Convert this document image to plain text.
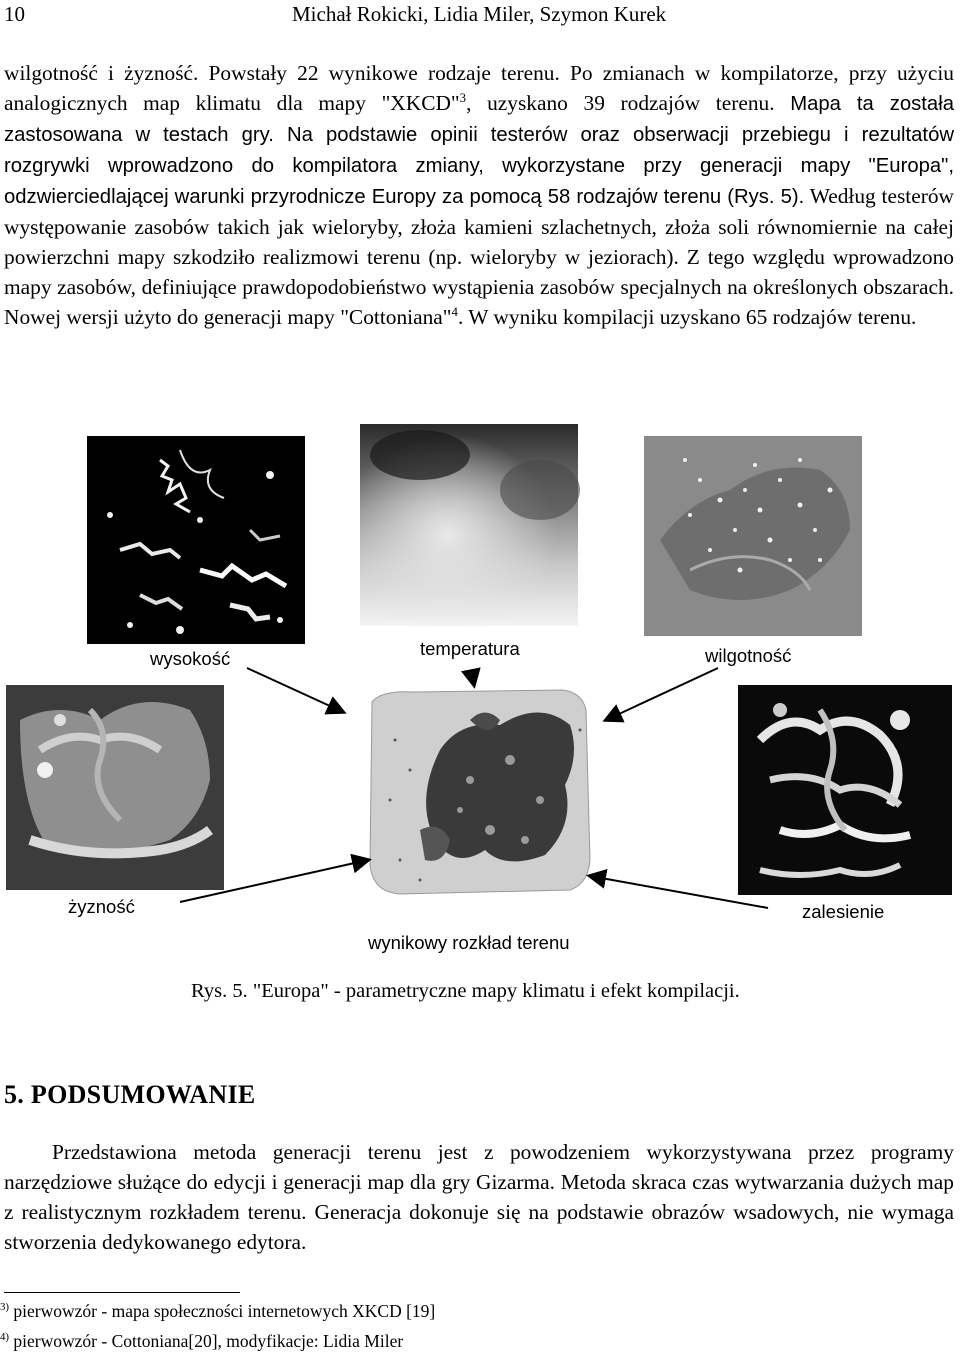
10	Michał Rokicki, Lidia Miler, Szymon Kurek

wilgotność i żyzność. Powstały 22 wynikowe rodzaje terenu. Po zmianach w kompilatorze, przy użyciu analogicznych map klimatu dla mapy "XKCD"$^3$, uzyskano 39 rodzajów terenu. Mapa ta została zastosowana w testach gry. Na podstawie opinii testerów oraz obserwacji przebiegu i rezultatów rozgrywki wprowadzono do kompilatora zmiany, wykorzystane przy generacji mapy "Europa", odzwierciedlającej warunki przyrodnicze Europy za pomocą 58 rodzajów terenu (Rys. 5). Według testerów występowanie zasobów takich jak wieloryby, złoża kamieni szlachetnych, złoża soli równomiernie na całej powierzchni mapy szkodziło realizmowi terenu (np. wieloryby w jeziorach). Z tego względu wprowadzono mapy zasobów, definiujące prawdopodobieństwo wystąpienia zasobów specjalnych na określonych obszarach. Nowej wersji użyto do generacji mapy "Cottoniana"$^4$. W wyniku kompilacji uzyskano 65 rodzajów terenu.

wysokość	temperatura	wilgotność
żyzność	zalesienie
wynikowy rozkład terenu
Rys. 5. "Europa" - parametryczne mapy klimatu i efekt kompilacji.
5. PODSUMOWANIE

Przedstawiona metoda generacji terenu jest z powodzeniem wykorzystywana przez programy narzędziowe służące do edycji i generacji map dla gry Gizarma. Metoda skraca czas wytwarzania dużych map z realistycznym rozkładem terenu. Generacja dokonuje się na podstawie obrazów wsadowych, nie wymaga stworzenia dedykowanego edytora.

$^{3)}$ pierwowzór - mapa społeczności internetowych XKCD [19]
$^{4)}$ pierwowzór - Cottoniana[20], modyfikacje: Lidia Miler
